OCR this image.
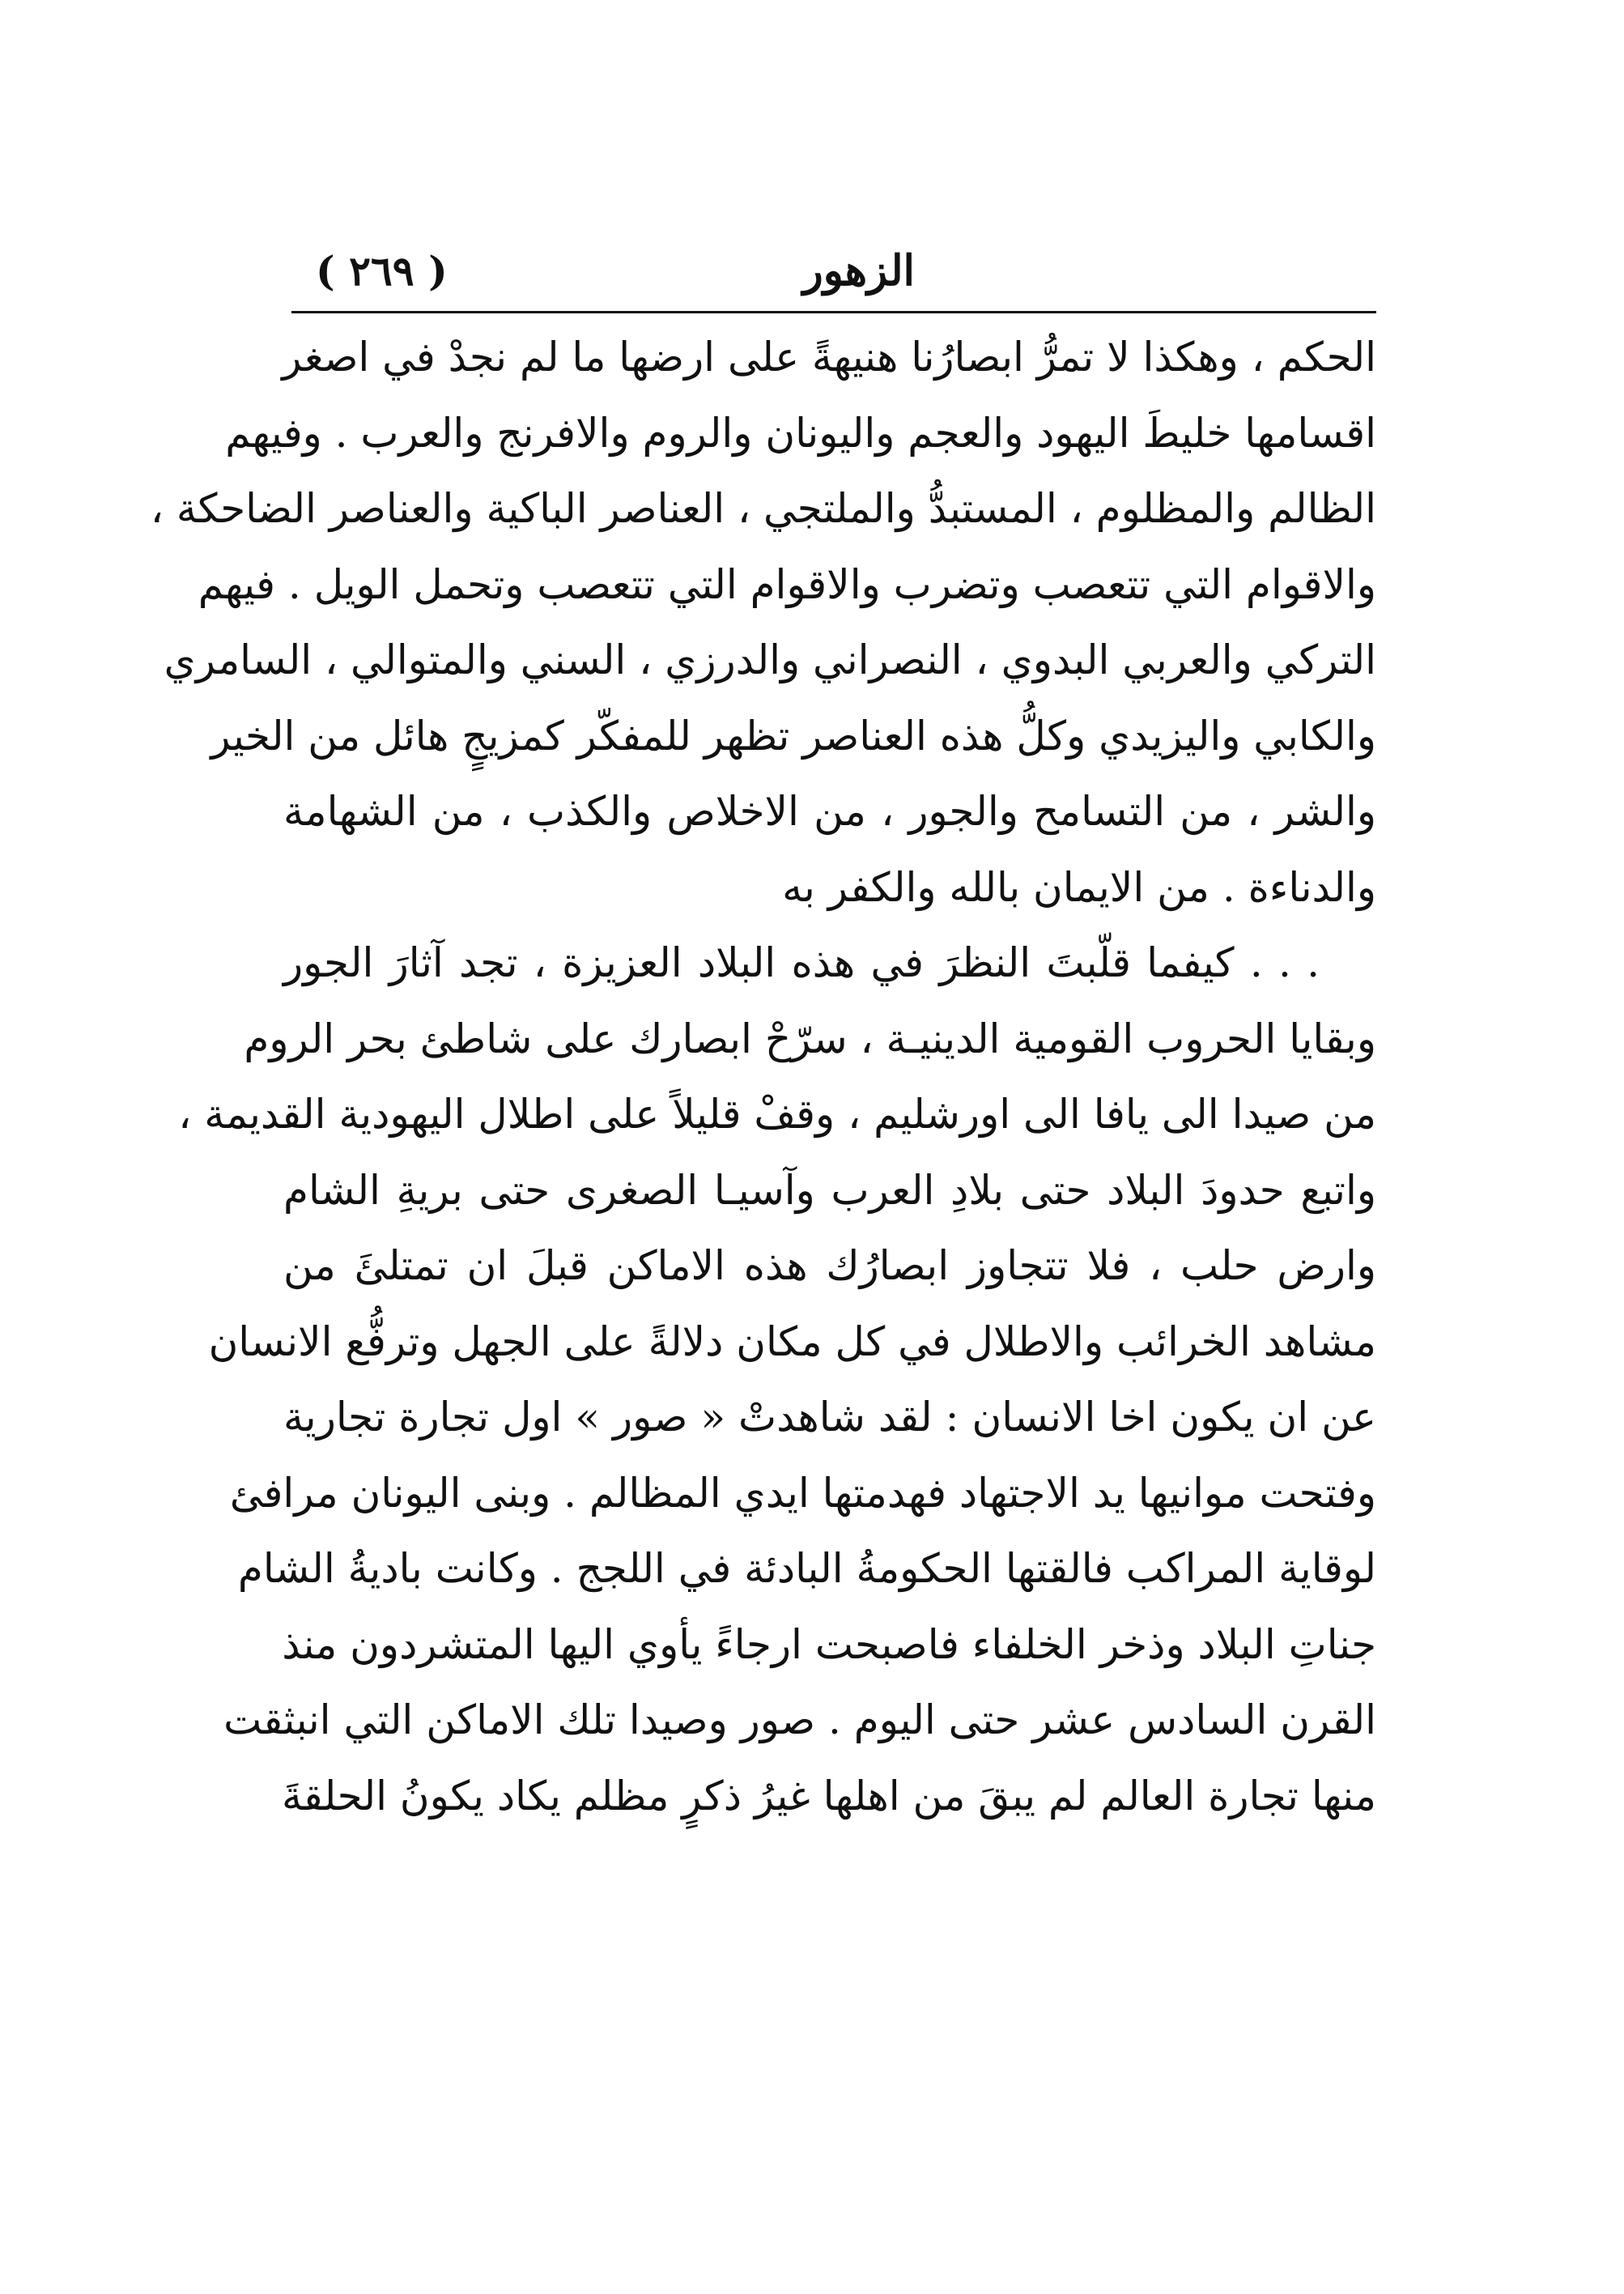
الزهور
( ٢٦٩ )
الحكم ، وهكذا لا تمرُّ ابصارُنا هنيهةً على ارضها ما لم نجدْ في اصغر
اقسامها خليطَ اليهود والعجم واليونان والروم والافرنج والعرب . وفيهم
الظالم والمظلوم ، المستبدُّ والملتجي ، العناصر الباكية والعناصر الضاحكة ،
والاقوام التي تتعصب وتضرب والاقوام التي تتعصب وتحمل الويل . فيهم
التركي والعربي البدوي ، النصراني والدرزي ، السني والمتوالي ، السامري
والكابي واليزيدي وكلُّ هذه العناصر تظهر للمفكّر كمزيجٍ هائل من الخير
والشر ، من التسامح والجور ، من الاخلاص والكذب ، من الشهامة
والدناءة . من الايمان بالله والكفر به
. . . كيفما قلّبتَ النظرَ في هذه البلاد العزيزة ، تجد آثارَ الجور
وبقايا الحروب القومية الدينيـة ، سرّحْ ابصارك على شاطئ بحر الروم
من صيدا الى يافا الى اورشليم ، وقفْ قليلاً على اطلال اليهودية القديمة ،
واتبع حدودَ البلاد حتى بلادِ العرب وآسيـا الصغرى حتى بريةِ الشام
وارض حلب ، فلا تتجاوز ابصارُك هذه الاماكن قبلَ ان تمتلئَ من
مشاهد الخرائب والاطلال في كل مكان دلالةً على الجهل وترفُّع الانسان
عن ان يكون اخا الانسان : لقد شاهدتْ « صور » اول تجارة تجارية
وفتحت موانيها يد الاجتهاد فهدمتها ايدي المظالم . وبنى اليونان مرافئ
لوقاية المراكب فالقتها الحكومةُ البادئة في اللجج . وكانت باديةُ الشام
جناتِ البلاد وذخر الخلفاء فاصبحت ارجاءً يأوي اليها المتشردون منذ
القرن السادس عشر حتى اليوم . صور وصيدا تلك الاماكن التي انبثقت
منها تجارة العالم لم يبقَ من اهلها غيرُ ذكرٍ مظلم يكاد يكونُ الحلقةَ
